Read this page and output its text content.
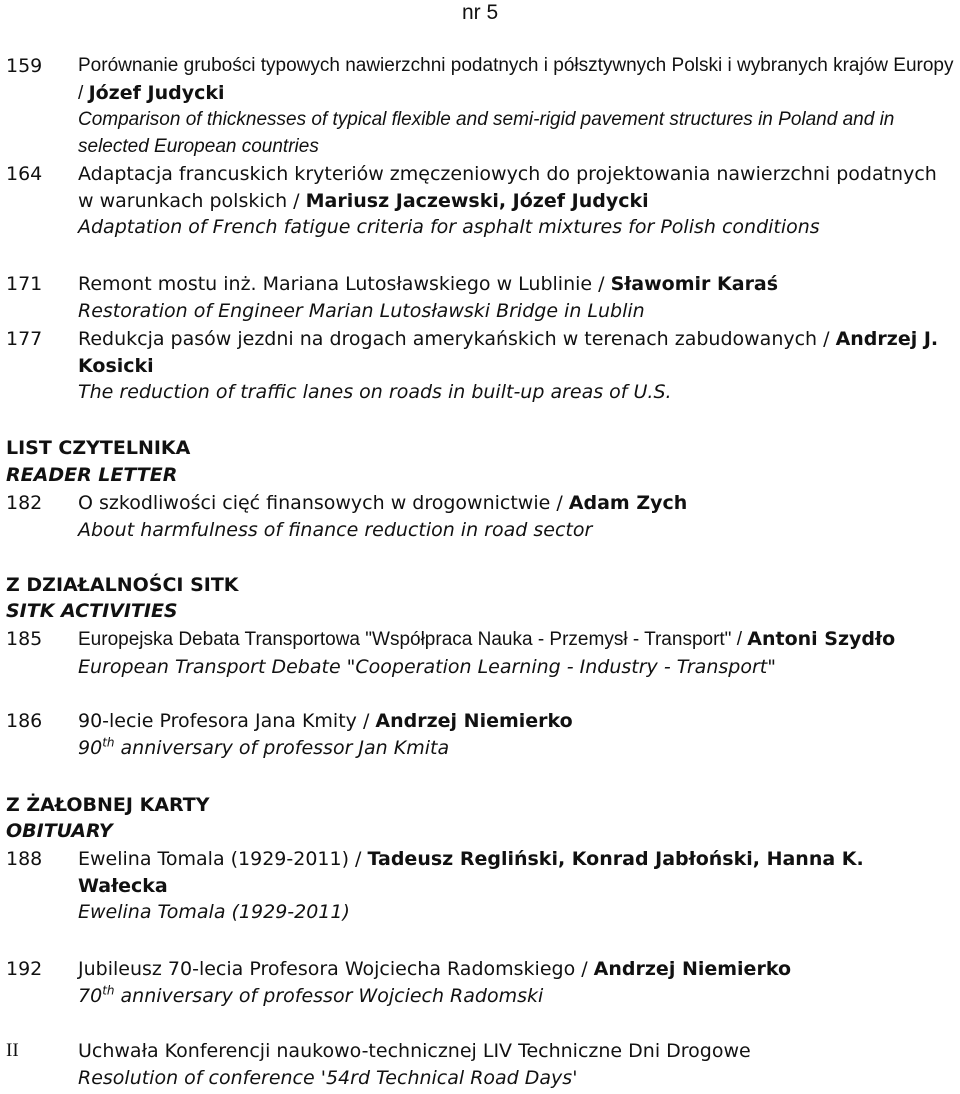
nr 5
159	Porównanie grubości typowych nawierzchni podatnych i półsztywnych Polski i wybranych krajów Europy / Józef Judycki
Comparison of thicknesses of typical flexible and semi-rigid pavement structures in Poland and in selected European countries
164	Adaptacja francuskich kryteriów zmęczeniowych do projektowania nawierzchni podatnych w warunkach polskich / Mariusz Jaczewski, Józef Judycki
Adaptation of French fatigue criteria for asphalt mixtures for Polish conditions
171	Remont mostu inż. Mariana Lutosławskiego w Lublinie / Sławomir Karaś
Restoration of Engineer Marian Lutosławski Bridge in Lublin
177	Redukcja pasów jezdni na drogach amerykańskich w terenach zabudowanych / Andrzej J. Kosicki
The reduction of traffic lanes on roads in built-up areas of U.S.
LIST CZYTELNIKA
READER LETTER
182	O szkodliwości cięć finansowych w drogownictwie / Adam Zych
About harmfulness of finance reduction in road sector
Z DZIAŁALNOŚCI SITK
SITK ACTIVITIES
185	Europejska Debata Transportowa "Współpraca Nauka - Przemysł - Transport" / Antoni Szydło
European Transport Debate "Cooperation Learning - Industry - Transport"
186	90-lecie Profesora Jana Kmity / Andrzej Niemierko
90th anniversary of professor Jan Kmita
Z ŻAŁOBNEJ KARTY
OBITUARY
188	Ewelina Tomala (1929-2011) / Tadeusz Regliński, Konrad Jabłoński, Hanna K. Wałecka
Ewelina Tomala (1929-2011)
192	Jubileusz 70-lecia Profesora Wojciecha Radomskiego / Andrzej Niemierko
70th anniversary of professor Wojciech Radomski
II	Uchwała Konferencji naukowo-technicznej LIV Techniczne Dni Drogowe
Resolution of conference '54rd Technical Road Days'
